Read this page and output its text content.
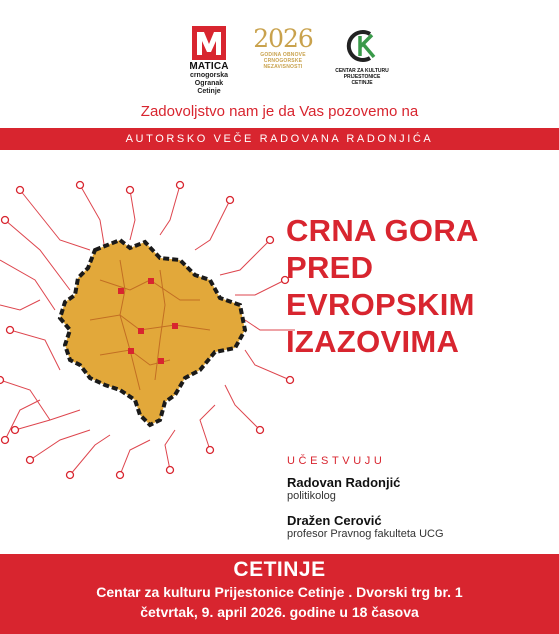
MATICA
crnogorska
Ogranak
Cetinje
2026
GODINA OBNOVE
CRNOGORSKE
NEZAVISNOSTI
CENTAR ZA KULTURU
PRIJESTONICE CETINJE
Zadovoljstvo nam je da Vas pozovemo na
AUTORSKO VEČE RADOVANA RADONJIĆA
CRNA GORA
PRED
EVROPSKIM
IZAZOVIMA
UČESTVUJU
Radovan Radonjić
politikolog
Dražen Cerović
profesor Pravnog fakulteta UCG
CETINJE
Centar za kulturu Prijestonice Cetinje . Dvorski trg br. 1
četvrtak, 9. april 2026. godine u 18 časova
